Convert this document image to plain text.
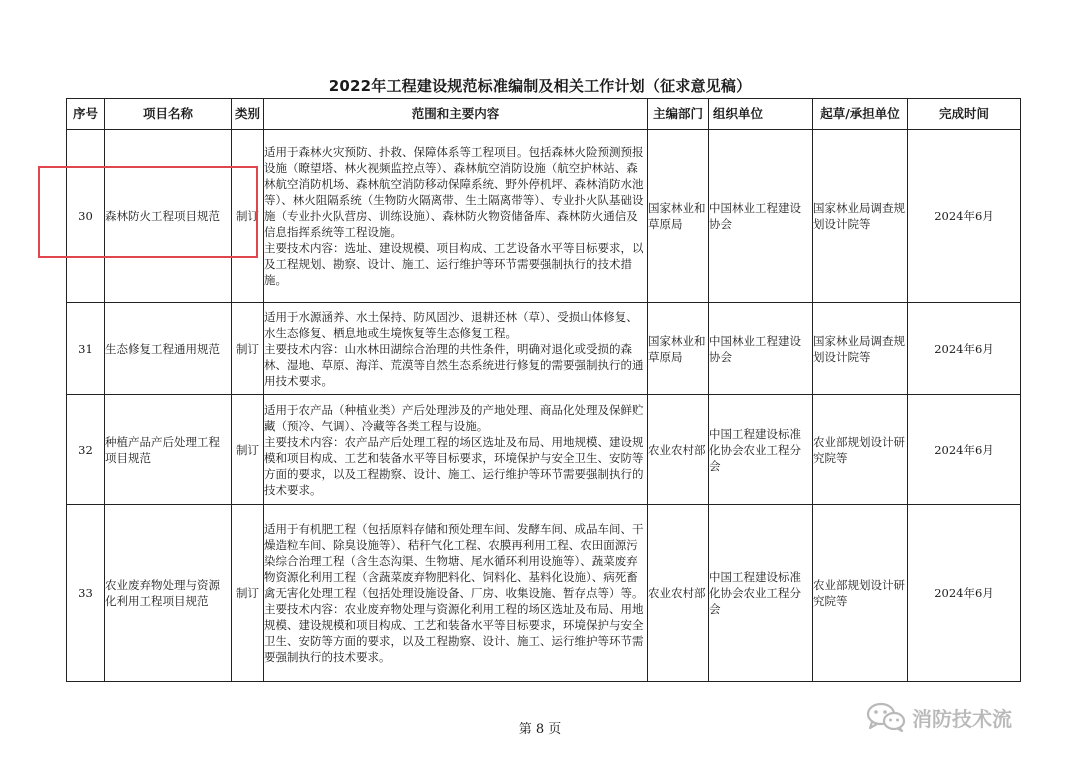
2022年工程建设规范标准编制及相关工作计划（征求意见稿）
序号	项目名称	类别	范围和主要内容	主编部门	组织单位	起草/承担单位	完成时间
30	森林防火工程项目规范	制订	适用于森林火灾预防、扑救、保障体系等工程项目。包括森林火险预测预报设施（瞭望塔、林火视频监控点等）、森林航空消防设施（航空护林站、森林航空消防机场、森林航空消防移动保障系统、野外停机坪、森林消防水池等）、林火阻隔系统（生物防火隔离带、生土隔离带等）、专业扑火队基础设施（专业扑火队营房、训练设施）、森林防火物资储备库、森林防火通信及信息指挥系统等工程设施。

主要技术内容：选址、建设规模、项目构成、工艺设备水平等目标要求，以及工程规划、勘察、设计、施工、运行维护等环节需要强制执行的技术措施。	国家林业和草原局	中国林业工程建设协会	国家林业局调查规划设计院等	2024年6月
31	生态修复工程通用规范	制订	适用于水源涵养、水土保持、防风固沙、退耕还林（草）、受损山体修复、水生态修复、栖息地或生境恢复等生态修复工程。

主要技术内容：山水林田湖综合治理的共性条件，明确对退化或受损的森林、湿地、草原、海洋、荒漠等自然生态系统进行修复的需要强制执行的通用技术要求。	国家林业和草原局	中国林业工程建设协会	国家林业局调查规划设计院等	2024年6月
32	种植产品产后处理工程项目规范	制订	适用于农产品（种植业类）产后处理涉及的产地处理、商品化处理及保鲜贮藏（预冷、气调）、冷藏等各类工程与设施。

主要技术内容：农产品产后处理工程的场区选址及布局、用地规模、建设规模和项目构成、工艺和装备水平等目标要求，环境保护与安全卫生、安防等方面的要求，以及工程勘察、设计、施工、运行维护等环节需要强制执行的技术要求。	农业农村部	中国工程建设标准化协会农业工程分会	农业部规划设计研究院等	2024年6月
33	农业废弃物处理与资源化利用工程项目规范	制订	适用于有机肥工程（包括原料存储和预处理车间、发酵车间、成品车间、干燥造粒车间、除臭设施等）、秸秆气化工程、农膜再利用工程、农田面源污染综合治理工程（含生态沟渠、生物塘、尾水循环利用设施等）、蔬菜废弃物资源化利用工程（含蔬菜废弃物肥料化、饲料化、基料化设施）、病死畜禽无害化处理工程（包括处理设施设备、厂房、收集设施、暂存点等）等。

主要技术内容：农业废弃物处理与资源化利用工程的场区选址及布局、用地规模、建设规模和项目构成、工艺和装备水平等目标要求，环境保护与安全卫生、安防等方面的要求，以及工程勘察、设计、施工、运行维护等环节需要强制执行的技术要求。	农业农村部	中国工程建设标准化协会农业工程分会	农业部规划设计研究院等	2024年6月
第 8 页	消防技术流
